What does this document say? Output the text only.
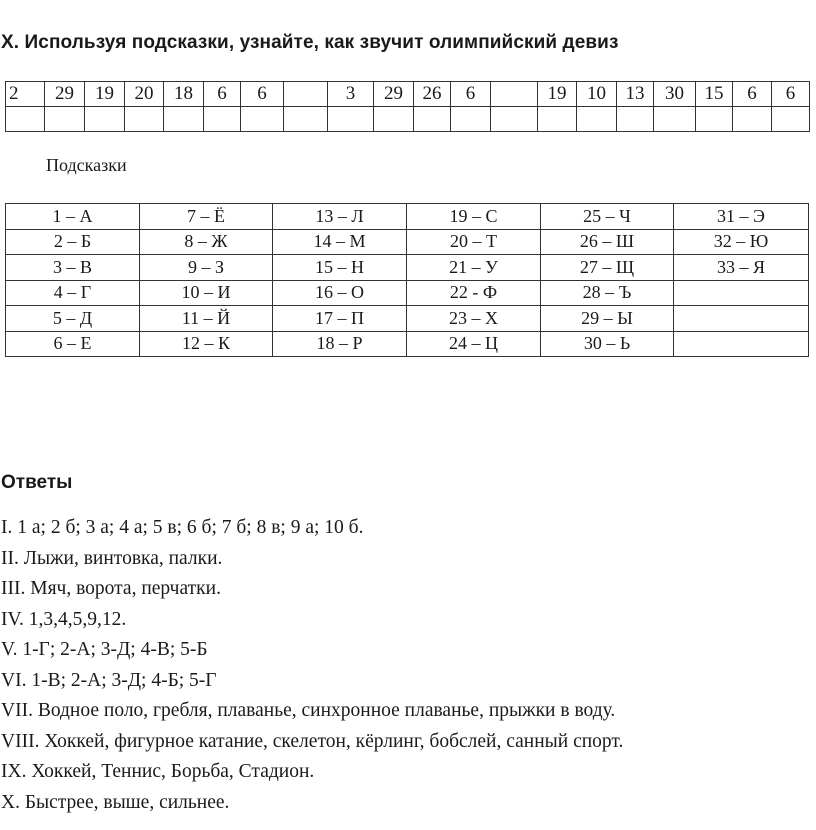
X. Используя подсказки, узнайте, как звучит олимпийский девиз
2	29	19	20	18	6	6		3	29	26	6		19	10	13	30	15	6	6

Подсказки

1 – А	7 – Ё	13 – Л	19 – С	25 – Ч	31 – Э
2 – Б	8 – Ж	14 – М	20 – Т	26 – Ш	32 – Ю
3 – В	9 – З	15 – Н	21 – У	27 – Щ	33 – Я
4 – Г	10 – И	16 – О	22 - Ф	28 – Ъ	
5 – Д	11 – Й	17 – П	23 – Х	29 – Ы	
6 – Е	12 – К	18 – Р	24 – Ц	30 – Ь	
Ответы
I. 1 а; 2 б; 3 а; 4 а; 5 в; 6 б; 7 б; 8 в; 9 а; 10 б.
II. Лыжи, винтовка, палки.
III. Мяч, ворота, перчатки.
IV. 1,3,4,5,9,12.
V. 1-Г; 2-А; 3-Д; 4-В; 5-Б
VI. 1-В; 2-А; 3-Д; 4-Б; 5-Г
VII. Водное поло, гребля, плаванье, синхронное плаванье, прыжки в воду.
VIII. Хоккей, фигурное катание, скелетон, кёрлинг, бобслей, санный спорт.
IX. Хоккей, Теннис, Борьба, Стадион.
X. Быстрее, выше, сильнее.
